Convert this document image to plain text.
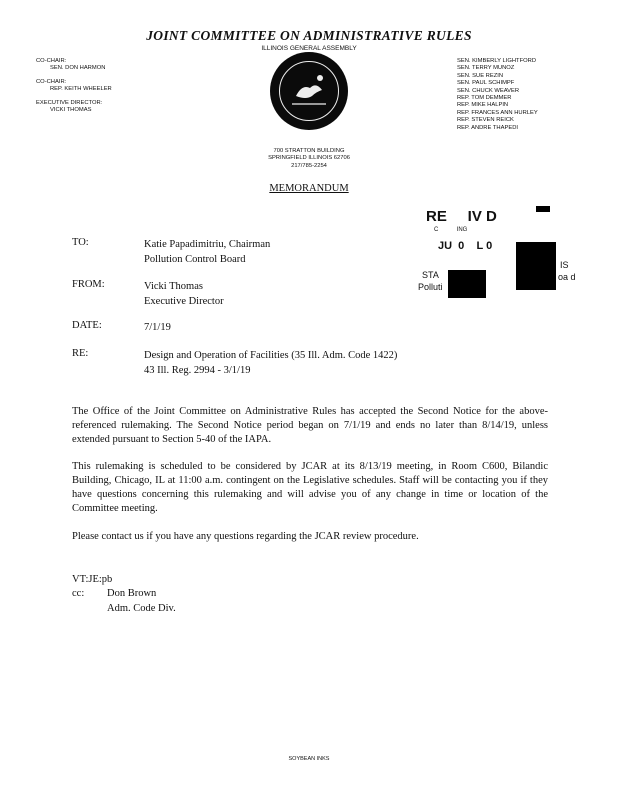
JOINT COMMITTEE ON ADMINISTRATIVE RULES
ILLINOIS GENERAL ASSEMBLY
CO-CHAIR:
SEN. DON HARMON
CO-CHAIR:
REP. KEITH WHEELER
EXECUTIVE DIRECTOR:
VICKI THOMAS
SEN. KIMBERLY LIGHTFORD
SEN. TERRY MUNOZ
SEN. SUE REZIN
SEN. PAUL SCHIMPF
SEN. CHUCK WEAVER
REP. TOM DEMMER
REP. MIKE HALPIN
REP. FRANCES ANN HURLEY
REP. STEVEN REICK
REP. ANDRE THAPEDI
700 STRATTON BUILDING
SPRINGFIELD ILLINOIS 62706
217/785-2254
MEMORANDUM
RE     IV D
C           ING
JU  0    L 0
STA
Polluti
IS
oa d
TO:	Katie Papadimitriu, Chairman
Pollution Control Board
FROM:	Vicki Thomas
Executive Director
DATE:	7/1/19
RE:	Design and Operation of Facilities (35 Ill. Adm. Code 1422)
43 Ill. Reg. 2994 - 3/1/19
The Office of the Joint Committee on Administrative Rules has accepted the Second Notice for the above-referenced rulemaking. The Second Notice period began on 7/1/19 and ends no later than 8/14/19, unless extended pursuant to Section 5-40 of the IAPA.
This rulemaking is scheduled to be considered by JCAR at its 8/13/19 meeting, in Room C600, Bilandic Building, Chicago, IL at 11:00 a.m. contingent on the Legislative schedules. Staff will be contacting you if they have questions concerning this rulemaking and will advise you of any change in time or location of the Committee meeting.
Please contact us if you have any questions regarding the JCAR review procedure.
VT:JE:pb
cc: Don Brown
Adm. Code Div.
SOYBEAN INKS
